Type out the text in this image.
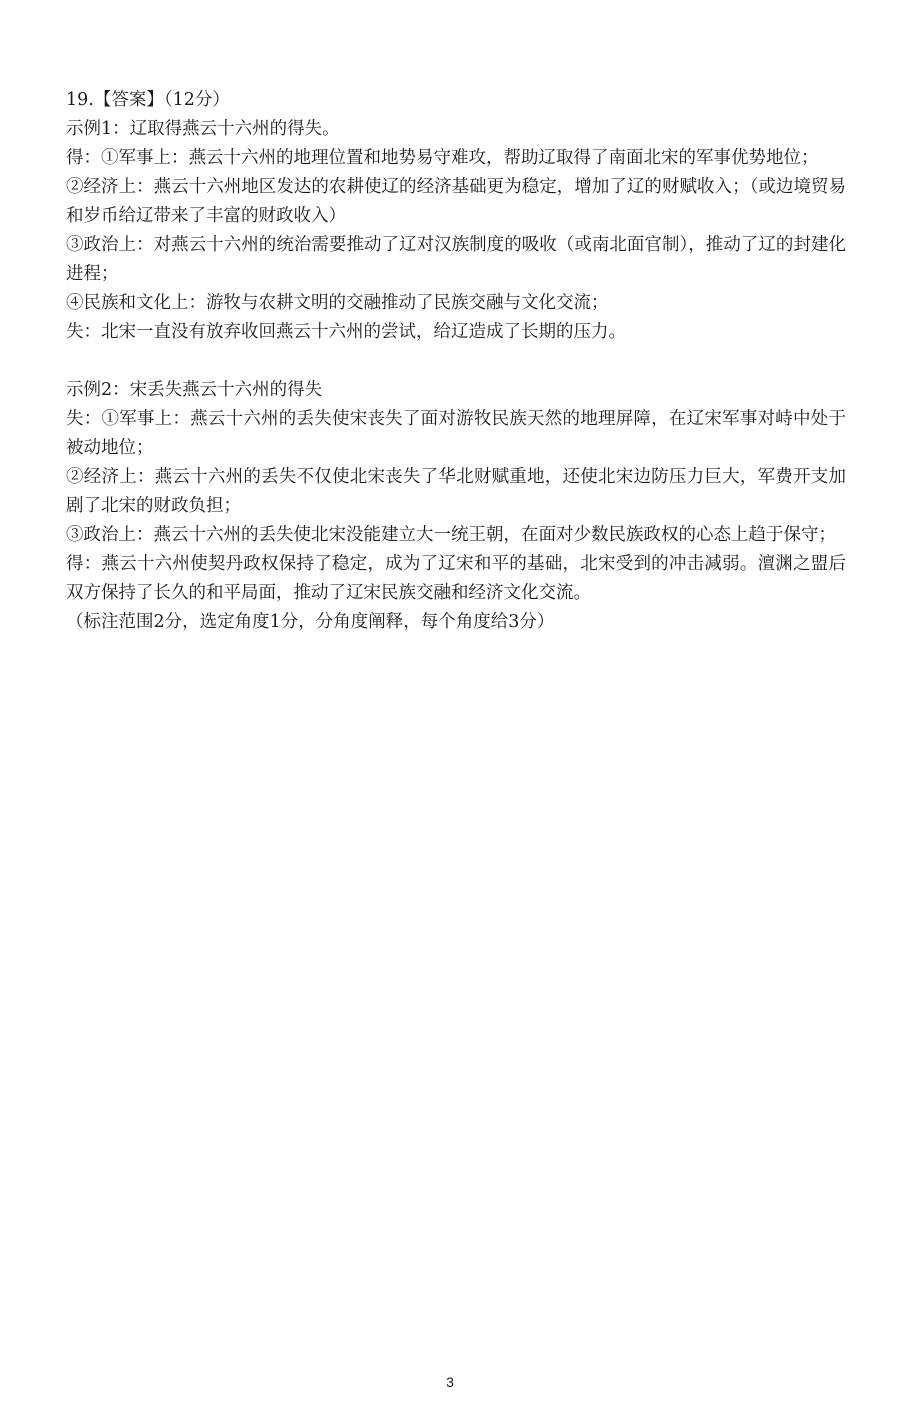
19.【答案】（12分）

示例1：辽取得燕云十六州的得失。

得：①军事上：燕云十六州的地理位置和地势易守难攻，帮助辽取得了南面北宋的军事优势地位；

②经济上：燕云十六州地区发达的农耕使辽的经济基础更为稳定，增加了辽的财赋收入；（或边境贸易和岁币给辽带来了丰富的财政收入）

③政治上：对燕云十六州的统治需要推动了辽对汉族制度的吸收（或南北面官制），推动了辽的封建化进程；

④民族和文化上：游牧与农耕文明的交融推动了民族交融与文化交流；

失：北宋一直没有放弃收回燕云十六州的尝试，给辽造成了长期的压力。

示例2：宋丢失燕云十六州的得失

失：①军事上：燕云十六州的丢失使宋丧失了面对游牧民族天然的地理屏障，在辽宋军事对峙中处于被动地位；

②经济上：燕云十六州的丢失不仅使北宋丧失了华北财赋重地，还使北宋边防压力巨大，军费开支加剧了北宋的财政负担；

③政治上：燕云十六州的丢失使北宋没能建立大一统王朝，在面对少数民族政权的心态上趋于保守；

得：燕云十六州使契丹政权保持了稳定，成为了辽宋和平的基础，北宋受到的冲击减弱。澶渊之盟后双方保持了长久的和平局面，推动了辽宋民族交融和经济文化交流。

（标注范围2分，选定角度1分，分角度阐释，每个角度给3分）

3
